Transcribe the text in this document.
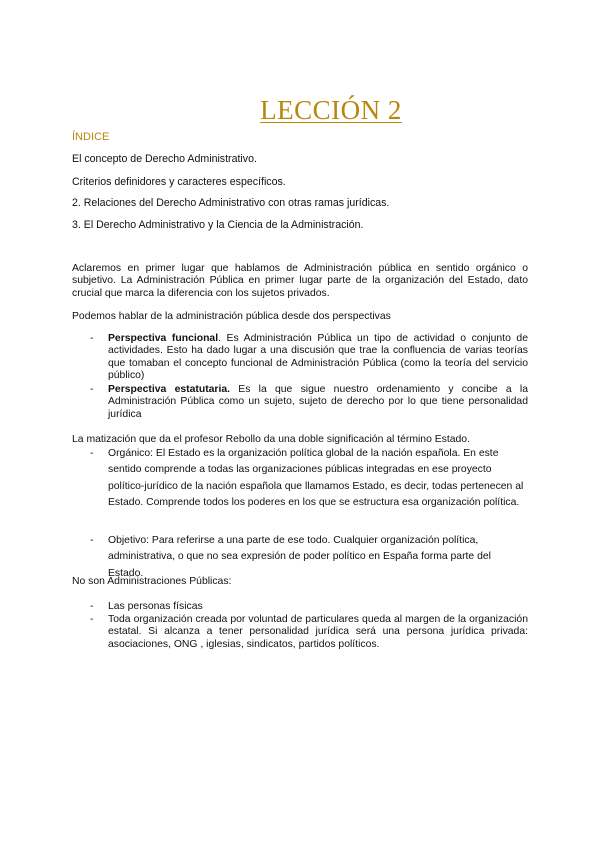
LECCIÓN 2
ÍNDICE
El concepto de Derecho Administrativo.
Criterios definidores y caracteres específicos.
2. Relaciones del Derecho Administrativo con otras ramas jurídicas.
3. El Derecho Administrativo y la Ciencia de la Administración.
Aclaremos en primer lugar que hablamos de Administración pública en sentido orgánico o subjetivo. La Administración Pública en primer lugar parte de la organización del Estado, dato crucial que marca la diferencia con los sujetos privados.
Podemos hablar de la administración pública desde dos perspectivas
- Perspectiva funcional. Es Administración Pública un tipo de actividad o conjunto de actividades. Esto ha dado lugar a una discusión que trae la confluencia de varias teorías que tomaban el concepto funcional de Administración Pública (como la teoría del servicio público)
- Perspectiva estatutaria. Es la que sigue nuestro ordenamiento y concibe a la Administración Pública como un sujeto, sujeto de derecho por lo que tiene personalidad jurídica
La matización que da el profesor Rebollo da una doble significación al término Estado.
- Orgánico: El Estado es la organización política global de la nación española. En este sentido comprende a todas las organizaciones públicas integradas en ese proyecto político-jurídico de la nación española que llamamos Estado, es decir, todas pertenecen al Estado. Comprende todos los poderes en los que se estructura esa organización política.
- Objetivo: Para referirse a una parte de ese todo. Cualquier organización política, administrativa, o que no sea expresión de poder político en España forma parte del Estado.
No son Administraciones Públicas:
- Las personas físicas
- Toda organización creada por voluntad de particulares queda al margen de la organización estatal. Si alcanza a tener personalidad jurídica será una persona jurídica privada: asociaciones, ONG , iglesias, sindicatos, partidos políticos.
